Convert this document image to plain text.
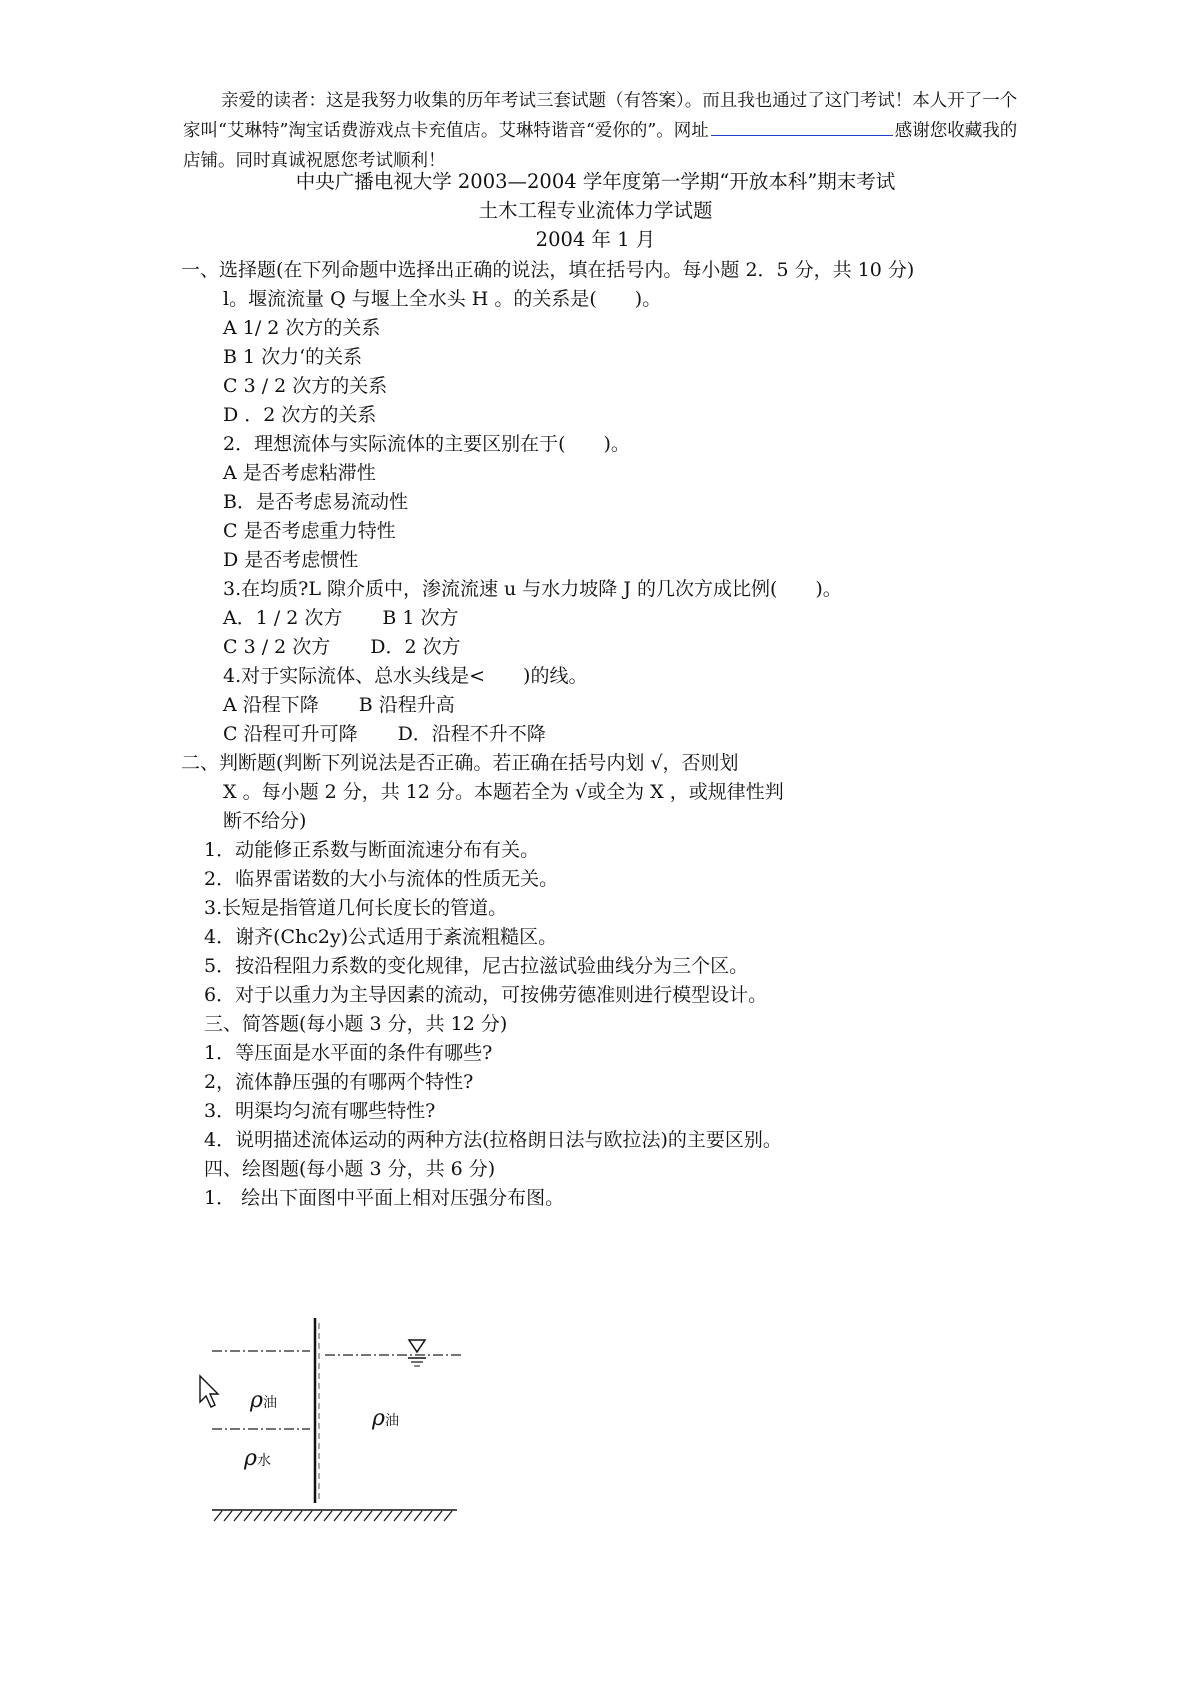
亲爱的读者：这是我努力收集的历年考试三套试题（有答案）。而且我也通过了这门考试！本人开了一个家叫“艾琳特”淘宝话费游戏点卡充值店。艾琳特谐音“爱你的”。网址	感谢您收藏我的店铺。同时真诚祝愿您考试顺利！
中央广播电视大学 2003—2004 学年度第一学期“开放本科”期末考试
土木工程专业流体力学试题
2004 年 1 月
一、选择题(在下列命题中选择出正确的说法，填在括号内。每小题 2．5 分，共 10 分)
l。堰流流量 Q 与堰上全水头 H 。的关系是(　　)。
A 1/ 2 次方的关系
B 1 次力‘的关系
C 3 / 2 次方的关系
D ．2 次方的关系
2．理想流体与实际流体的主要区别在于(　　)。
A 是否考虑粘滞性
B．是否考虑易流动性
C 是否考虑重力特性
D 是否考虑惯性
3.在均质?L 隙介质中，渗流流速 u 与水力坡降 J 的几次方成比例(　　)。
A．1 / 2 次方 B 1 次方
C 3 / 2 次方 D．2 次方
4.对于实际流体、总水头线是<　　)的线。
A 沿程下降 B 沿程升高
C 沿程可升可降 D．沿程不升不降
二、判断题(判断下列说法是否正确。若正确在括号内划 √，否则划
X 。每小题 2 分，共 12 分。本题若全为 √或全为 X ，或规律性判
断不给分)
1．动能修正系数与断面流速分布有关。
2．临界雷诺数的大小与流体的性质无关。
3.长短是指管道几何长度长的管道。
4．谢齐(Chc2y)公式适用于紊流粗糙区。
5．按沿程阻力系数的变化规律，尼古拉滋试验曲线分为三个区。
6．对于以重力为主导因素的流动，可按佛劳德准则进行模型设计。
三、简答题(每小题 3 分，共 12 分)
1．等压面是水平面的条件有哪些?
2，流体静压强的有哪两个特性?
3．明渠均匀流有哪些特性?
4．说明描述流体运动的两种方法(拉格朗日法与欧拉法)的主要区别。
四、绘图题(每小题 3 分，共 6 分)
1． 绘出下面图中平面上相对压强分布图。
ρ油
ρ水
ρ油
